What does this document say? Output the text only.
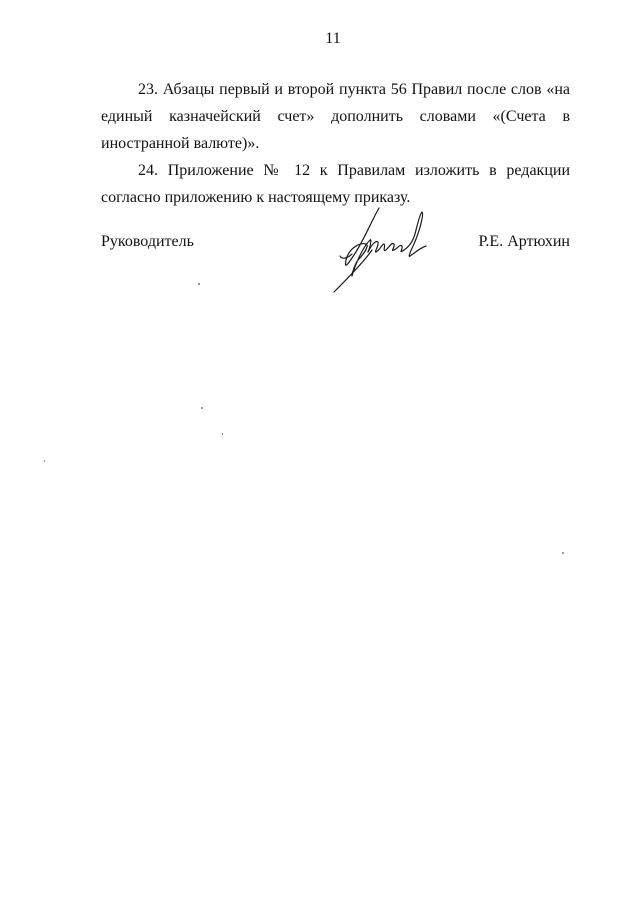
11

23. Абзацы первый и второй пункта 56 Правил после слов «на единый казначейский счет» дополнить словами «(Счета в иностранной валюте)».

24. Приложение № 12 к Правилам изложить в редакции согласно приложению к настоящему приказу.

Руководитель	Р.Е. Артюхин
